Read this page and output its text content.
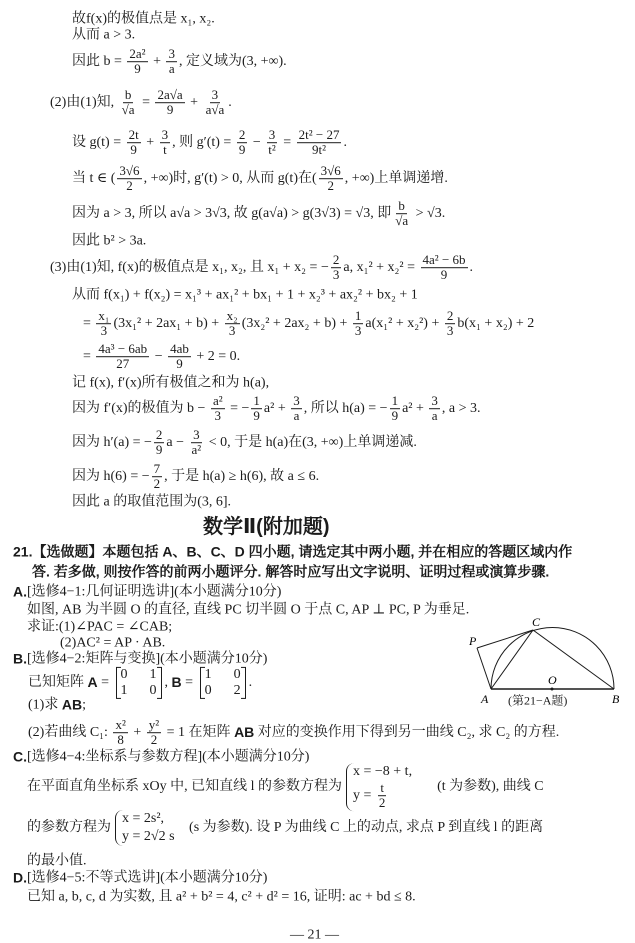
故f(x)的极值点是 x₁, x₂.
从而 a > 3.
因此 $b = \frac{\text{2a²}}{9} + \frac{3}{a}$ , 定义域为(3, +∞).
(2)由(1)知, $\frac{b}{√a} = \frac{2a√a}{9} + \frac{3}{a√a}$ .
设 $g(t) = \frac{2t}{9} + \frac{3}{t}$ , 则 $g'(t) = \frac{2}{9} - \frac{3}{\text{t²}} = \frac{\text{2t² − 27}}{\text{9t²}}$ .
当 t ∈ ( $\frac{3√6}{2}$ , +∞)时, g′(t) > 0, 从而 g(t)在( $\frac{3√6}{2}$ , +∞)上单调递增.
因为 a > 3, 所以 a√a > 3√3, 故 g(a√a) > g(3√3) = √3, 即 $\frac{b}{√a} > √3$.
因此 b² > 3a.
(3)由(1)知, f(x)的极值点是 x₁, x₂, 且 x₁ + x₂ = − $\frac{2}{3} a$, $x_1^2 + x_2^2 = \frac{\text{4a² − 6b}}{9}$ .
从而 f(x₁) + f(x₂) = x₁³ + ax₁² + bx₁ + 1 + x₂³ + ax₂² + bx₂ + 1
= $\frac{\text{x₁}}{3} (3x_1^2 + 2ax_1 + b) + \frac{\text{x₂}}{3} (3x_2^2 + 2ax_2 + b) + \frac{1}{3} a(x_1^2 + x_2^2) + \frac{2}{3} b(x_1 + x_2) + 2$
= $\frac{\text{4a³ − 6ab}}{27} - \frac{4ab}{9} + 2 = 0$.
记 f(x), f′(x)所有极值之和为 h(a),
因为 f′(x)的极值为 $b - \frac{\text{a²}}{3}$ = − $\frac{1}{9} a^2 + \frac{3}{a}$ , 所以 h(a) = − $\frac{1}{9} a^2 + \frac{3}{a}$ , a > 3.
因为 h′(a) = − $\frac{2}{9}$ $a - \frac{3}{\text{a²}} < 0$, 于是 h(a)在(3, +∞)上单调递减.
因为 h(6) = − $\frac{7}{2}$ , 于是 h(a) ≥ h(6), 故 a ≤ 6.
因此 a 的取值范围为(3, 6].
数学Ⅱ(附加题)
21.【选做题】本题包括 A、B、C、D 四小题, 请选定其中两小题, 并在相应的答题区域内作
答. 若多做, 则按作答的前两小题评分. 解答时应写出文字说明、证明过程或演算步骤.
A. [选修4−1:几何证明选讲](本小题满分10分)
如图, AB 为半圆 O 的直径, 直线 PC 切半圆 O 于点 C, AP ⊥ PC, P 为垂足.
求证:(1)∠PAC = ∠CAB;
(2)AC² = AP · AB.
B. [选修4−2:矩阵与变换](本小题满分10分)
已知矩阵 A =
0 1
1 0
, B =
1 0
0 2
.
(1)求 AB ;
(2)若曲线 C₁: $\frac{\text{x²}}{8} + \frac{\text{y²}}{2} = 1$ 在矩阵 AB 对应的变换作用下得到另一曲线 C₂, 求 C₂ 的方程.
C. [选修4−4:坐标系与参数方程](本小题满分10分)
在平面直角坐标系 xOy 中, 已知直线 l 的参数方程为
x = −8 + t,
$y = \frac{t}{2} (t$ 为参数), 曲线 C
的参数方程为
x = 2s²,
y = 2√2 s
(s 为参数). 设 P 为曲线 C 上的动点, 求点 P 到直线 l 的距离
的最小值.
D. [选修4−5:不等式选讲](本小题满分10分)
已知 a, b, c, d 为实数, 且 a² + b² = 4, c² + d² = 16, 证明: ac + bd ≤ 8.
P
C
A
O
B
(第21−A题)
— 21 —
